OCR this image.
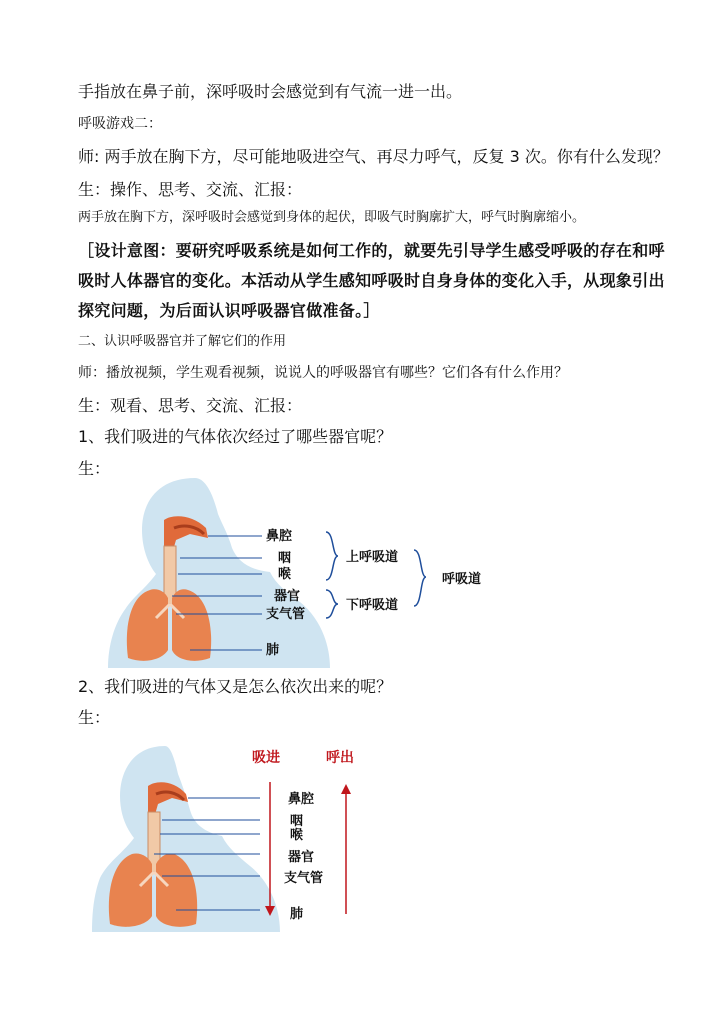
手指放在鼻子前，深呼吸时会感觉到有气流一进一出。
呼吸游戏二：
师: 两手放在胸下方，尽可能地吸进空气、再尽力呼气，反复 3 次。你有什么发现？
生：操作、思考、交流、汇报：
两手放在胸下方，深呼吸时会感觉到身体的起伏，即吸气时胸廓扩大，呼气时胸廓缩小。
［设计意图：要研究呼吸系统是如何工作的，就要先引导学生感受呼吸的存在和呼
吸时人体器官的变化。本活动从学生感知呼吸时自身身体的变化入手，从现象引出
探究问题，为后面认识呼吸器官做准备。］
二、认识呼吸器官并了解它们的作用
师：播放视频，学生观看视频，说说人的呼吸器官有哪些？它们各有什么作用？
生：观看、思考、交流、汇报：
1、我们吸进的气体依次经过了哪些器官呢？
生：
2、我们吸进的气体又是怎么依次出来的呢？
生：
鼻腔
咽
喉
器官
支气管
肺
上呼吸道
下呼吸道
呼吸道
吸进	呼出
鼻腔
咽
喉
器官
支气管
肺
